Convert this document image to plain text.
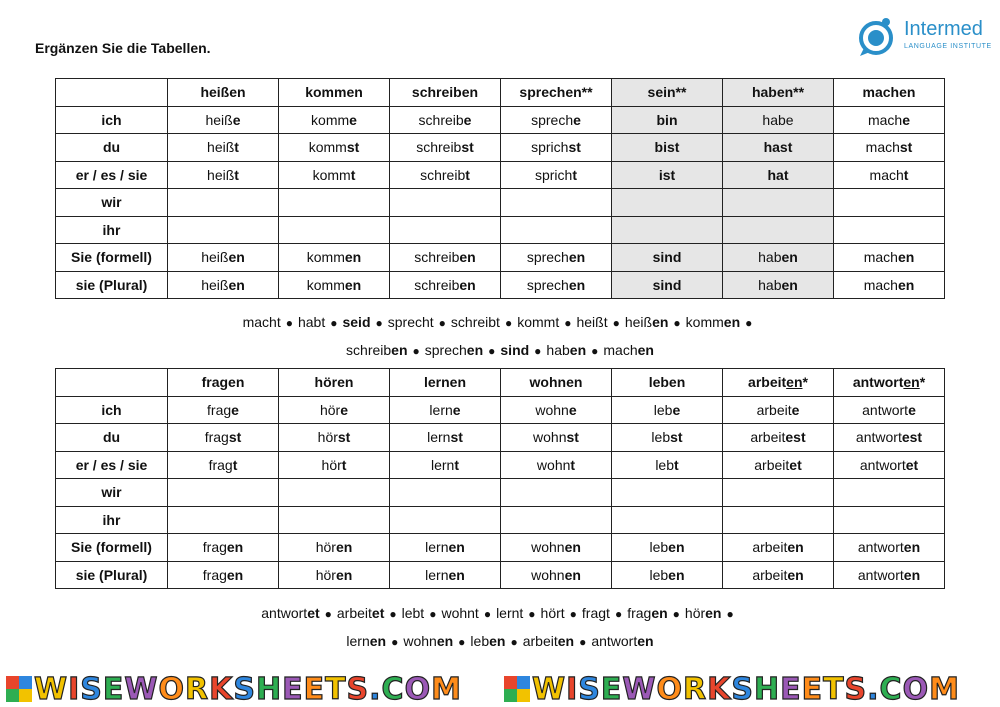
Ergänzen Sie die Tabellen.
Intermed
LANGUAGE INSTITUTE
	heißen	kommen	schreiben	sprechen**	sein**	haben**	machen
ich	heiße	komme	schreibe	spreche	bin	habe	mache
du	heißt	kommst	schreibst	sprichst	bist	hast	machst
er / es / sie	heißt	kommt	schreibt	spricht	ist	hat	macht
wir							
ihr							
Sie (formell)	heißen	kommen	schreiben	sprechen	sind	haben	machen
sie (Plural)	heißen	kommen	schreiben	sprechen	sind	haben	machen
macht ● habt ● seid ● sprecht ● schreibt ● kommt ● heißt ● heißen ● kommen ●
schreiben ● sprechen ● sind ● haben ● machen
	fragen	hören	lernen	wohnen	leben	arbeiten*	antworten*
ich	frage	höre	lerne	wohne	lebe	arbeite	antworte
du	fragst	hörst	lernst	wohnst	lebst	arbeitest	antwortest
er / es / sie	fragt	hört	lernt	wohnt	lebt	arbeitet	antwortet
wir							
ihr							
Sie (formell)	fragen	hören	lernen	wohnen	leben	arbeiten	antworten
sie (Plural)	fragen	hören	lernen	wohnen	leben	arbeiten	antworten
antwortet ● arbeitet ● lebt ● wohnt ● lernt ● hört ● fragt ● fragen ● hören ●
lernen ● wohnen ● leben ● arbeiten ● antworten
WISEWORKSHEETS.COM WISEWORKSHEETS.COM
